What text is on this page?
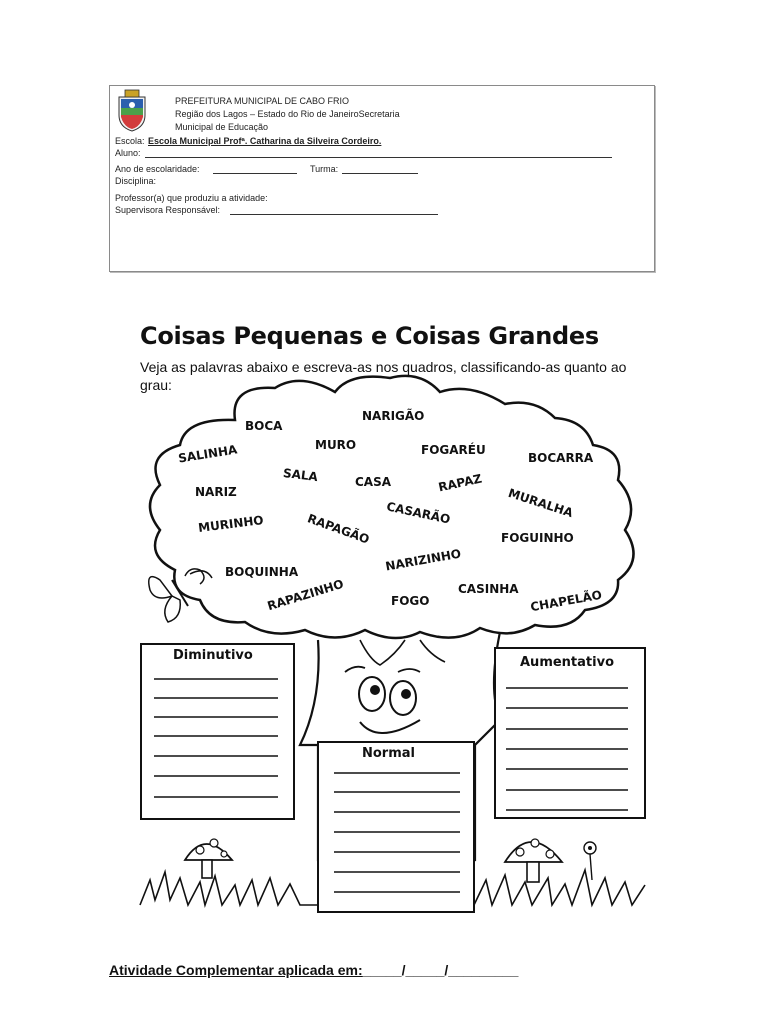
PREFEITURA MUNICIPAL DE CABO FRIO
Região dos Lagos – Estado do Rio de JaneiroSecretaria
Municipal de Educação
Escola: Escola Municipal Profª. Catharina da Silveira Cordeiro.
Aluno:
Ano de escolaridade:	Turma:
Disciplina:
Professor(a) que produziu a atividade:
Supervisora Responsável:
Coisas Pequenas e Coisas Grandes
Veja as palavras abaixo e escreva-as nos quadros, classificando-as quanto ao grau:
BOCA
NARIGÃO
SALINHA	MURO	FOGARÉU
BOCARRA
SALA	CASA	RAPAZ
NARIZ	MURALHA
CASARÃO
MURINHO	RAPAGÃO	FOGUINHO
NARIZINHO
BOQUINHA
RAPAZINHO	CASINHA
FOGO	CHAPELÃO
Diminutivo
Normal
Aumentativo
Atividade Complementar aplicada em:_____/_____/_________
